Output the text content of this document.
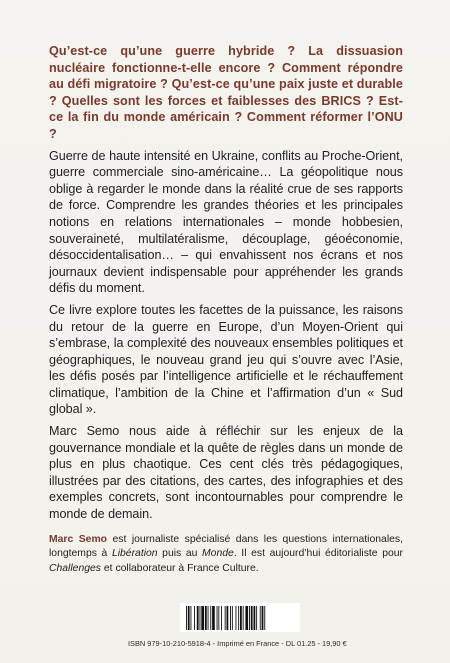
Qu’est-ce qu’une guerre hybride ? La dissuasion nucléaire fonctionne-t-elle encore ? Comment répondre au défi migratoire ? Qu’est-ce qu’une paix juste et durable ? Quelles sont les forces et faiblesses des BRICS ? Est-ce la fin du monde américain ? Comment réformer l’ONU ?

Guerre de haute intensité en Ukraine, conflits au Proche-Orient, guerre commerciale sino-américaine… La géopolitique nous oblige à regarder le monde dans la réalité crue de ses rapports de force. Comprendre les grandes théories et les principales notions en relations internationales – monde hobbesien, souveraineté, multilatéralisme, découplage, géoéconomie, désoccidentalisation… – qui envahissent nos écrans et nos journaux devient indispensable pour appréhender les grands défis du moment.

Ce livre explore toutes les facettes de la puissance, les raisons du retour de la guerre en Europe, d’un Moyen-Orient qui s’embrase, la complexité des nouveaux ensembles politiques et géographiques, le nouveau grand jeu qui s’ouvre avec l’Asie, les défis posés par l’intelligence artificielle et le réchauffement climatique, l’ambition de la Chine et l’affirmation d’un « Sud global ».

Marc Semo nous aide à réfléchir sur les enjeux de la gouvernance mondiale et la quête de règles dans un monde de plus en plus chaotique. Ces cent clés très pédagogiques, illustrées par des citations, des cartes, des infographies et des exemples concrets, sont incontournables pour comprendre le monde de demain.

Marc Semo est journaliste spécialisé dans les questions internationales, longtemps à Libération puis au Monde. Il est aujourd’hui éditorialiste pour Challenges et collaborateur à France Culture.

ISBN 979-10-210-5918-4 - Imprimé en France - DL 01.25 - 19,90 €
